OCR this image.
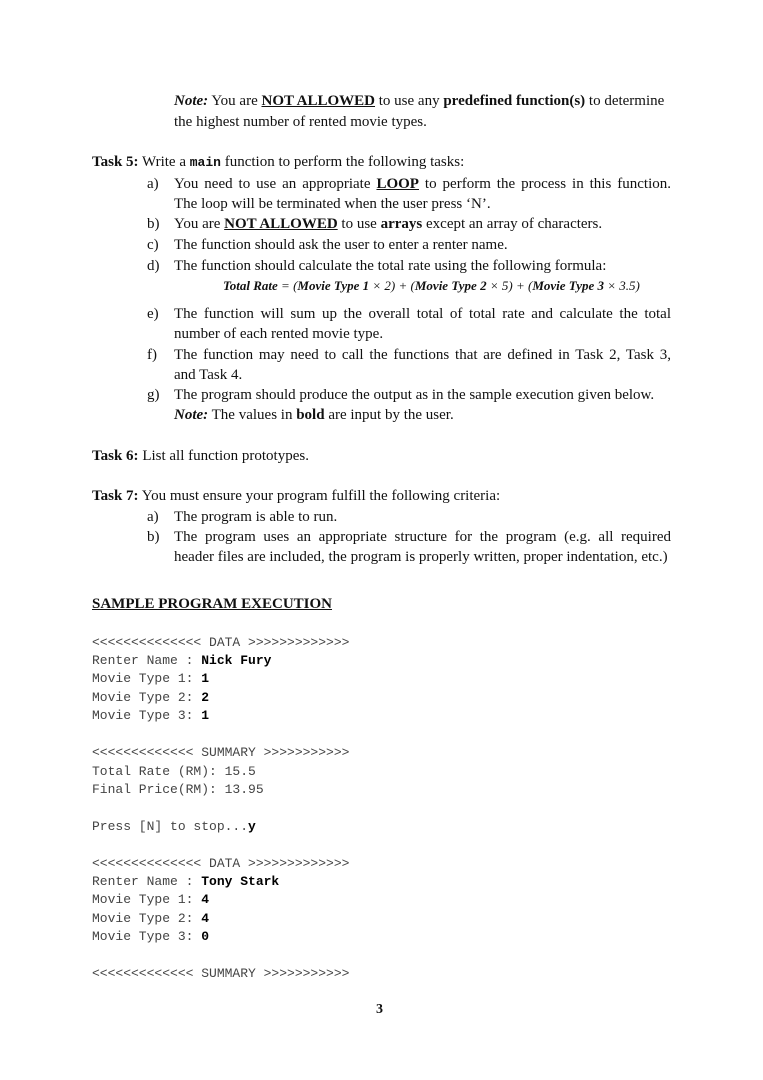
Note: You are NOT ALLOWED to use any predefined function(s) to determine
the highest number of rented movie types.
Task 5: Write a main function to perform the following tasks:
a) You need to use an appropriate LOOP to perform the process in this function.
The loop will be terminated when the user press ‘N’.
b) You are NOT ALLOWED to use arrays except an array of characters.
c) The function should ask the user to enter a renter name.
d) The function should calculate the total rate using the following formula:
Total Rate = (Movie Type 1 × 2) + (Movie Type 2 × 5) + (Movie Type 3 × 3.5)
e) The function will sum up the overall total of total rate and calculate the total
number of each rented movie type.
f) The function may need to call the functions that are defined in Task 2, Task 3,
and Task 4.
g) The program should produce the output as in the sample execution given below.
Note: The values in bold are input by the user.
Task 6: List all function prototypes.
Task 7: You must ensure your program fulfill the following criteria:
a) The program is able to run.
b) The program uses an appropriate structure for the program (e.g. all required
header files are included, the program is properly written, proper indentation, etc.)
SAMPLE PROGRAM EXECUTION
<<<<<<<<<<<<<< DATA >>>>>>>>>>>>>
Renter Name : Nick Fury
Movie Type 1: 1
Movie Type 2: 2
Movie Type 3: 1
<<<<<<<<<<<<< SUMMARY >>>>>>>>>>>
Total Rate (RM): 15.5
Final Price(RM): 13.95
Press [N] to stop...y
<<<<<<<<<<<<<< DATA >>>>>>>>>>>>>
Renter Name : Tony Stark
Movie Type 1: 4
Movie Type 2: 4
Movie Type 3: 0
<<<<<<<<<<<<< SUMMARY >>>>>>>>>>>
3
